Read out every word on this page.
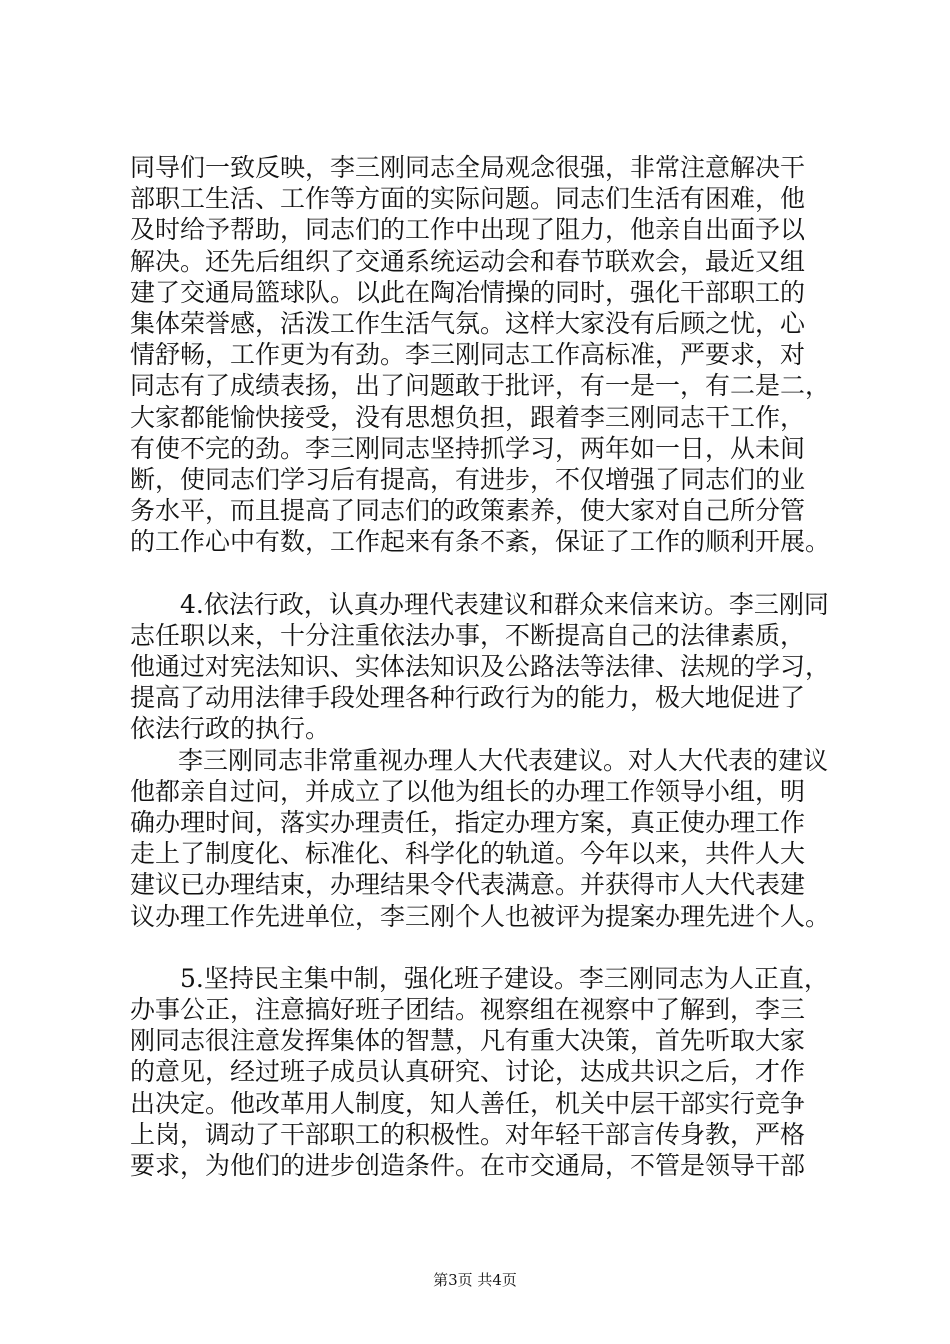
同导们一致反映，李三刚同志全局观念很强，非常注意解决干
部职工生活、工作等方面的实际问题。同志们生活有困难，他
及时给予帮助，同志们的工作中出现了阻力，他亲自出面予以
解决。还先后组织了交通系统运动会和春节联欢会，最近又组
建了交通局篮球队。以此在陶冶情操的同时，强化干部职工的
集体荣誉感，活泼工作生活气氛。这样大家没有后顾之忧，心
情舒畅，工作更为有劲。李三刚同志工作高标准，严要求，对
同志有了成绩表扬，出了问题敢于批评，有一是一，有二是二，
大家都能愉快接受，没有思想负担，跟着李三刚同志干工作，
有使不完的劲。李三刚同志坚持抓学习，两年如一日，从未间
断，使同志们学习后有提高，有进步，不仅增强了同志们的业
务水平，而且提高了同志们的政策素养，使大家对自己所分管
的工作心中有数，工作起来有条不紊，保证了工作的顺利开展。
4.依法行政，认真办理代表建议和群众来信来访。李三刚同
志任职以来，十分注重依法办事，不断提高自己的法律素质，
他通过对宪法知识、实体法知识及公路法等法律、法规的学习，
提高了动用法律手段处理各种行政行为的能力，极大地促进了
依法行政的执行。
李三刚同志非常重视办理人大代表建议。对人大代表的建议
他都亲自过问，并成立了以他为组长的办理工作领导小组，明
确办理时间，落实办理责任，指定办理方案，真正使办理工作
走上了制度化、标准化、科学化的轨道。今年以来，共件人大
建议已办理结束，办理结果令代表满意。并获得市人大代表建
议办理工作先进单位，李三刚个人也被评为提案办理先进个人。
5.坚持民主集中制，强化班子建设。李三刚同志为人正直，
办事公正，注意搞好班子团结。视察组在视察中了解到，李三
刚同志很注意发挥集体的智慧，凡有重大决策，首先听取大家
的意见，经过班子成员认真研究、讨论，达成共识之后，才作
出决定。他改革用人制度，知人善任，机关中层干部实行竞争
上岗，调动了干部职工的积极性。对年轻干部言传身教，严格
要求，为他们的进步创造条件。在市交通局，不管是领导干部
第3页 共4页
